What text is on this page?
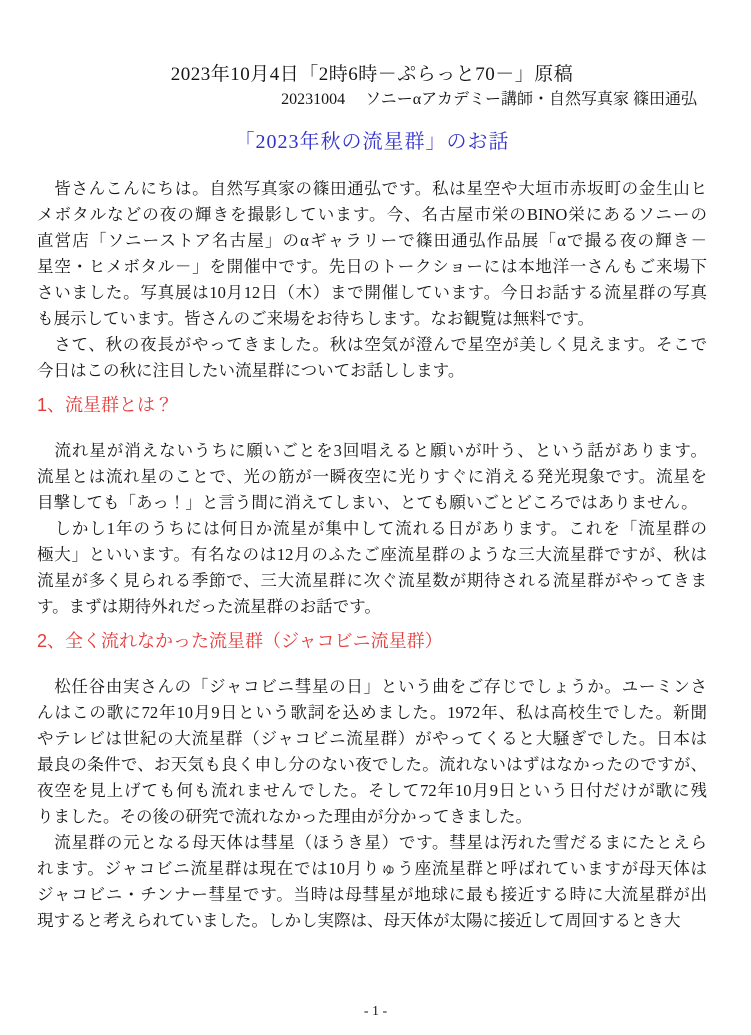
2023年10月4日「2時6時－ぷらっと70－」原稿
20231004　 ソニーαアカデミー講師・自然写真家 篠田通弘
「2023年秋の流星群」のお話
　皆さんこんにちは。自然写真家の篠田通弘です。私は星空や大垣市赤坂町の金生山ヒ
メボタルなどの夜の輝きを撮影しています。今、名古屋市栄のBINO栄にあるソニーの
直営店「ソニーストア名古屋」のαギャラリーで篠田通弘作品展「αで撮る夜の輝き－
星空・ヒメボタル－」を開催中です。先日のトークショーには本地洋一さんもご来場下
さいました。写真展は10月12日（木）まで開催しています。今日お話する流星群の写真
も展示しています。皆さんのご来場をお待ちします。なお観覧は無料です。
　さて、秋の夜長がやってきました。秋は空気が澄んで星空が美しく見えます。そこで
今日はこの秋に注目したい流星群についてお話しします。
1、流星群とは？
　流れ星が消えないうちに願いごとを3回唱えると願いが叶う、という話があります。
流星とは流れ星のことで、光の筋が一瞬夜空に光りすぐに消える発光現象です。流星を
目撃しても「あっ！」と言う間に消えてしまい、とても願いごとどころではありません。
　しかし1年のうちには何日か流星が集中して流れる日があります。これを「流星群の
極大」といいます。有名なのは12月のふたご座流星群のような三大流星群ですが、秋は
流星が多く見られる季節で、三大流星群に次ぐ流星数が期待される流星群がやってきま
す。まずは期待外れだった流星群のお話です。
2、全く流れなかった流星群（ジャコビニ流星群）
　松任谷由実さんの「ジャコビニ彗星の日」という曲をご存じでしょうか。ユーミンさ
んはこの歌に72年10月9日という歌詞を込めました。1972年、私は高校生でした。新聞
やテレビは世紀の大流星群（ジャコビニ流星群）がやってくると大騒ぎでした。日本は
最良の条件で、お天気も良く申し分のない夜でした。流れないはずはなかったのですが、
夜空を見上げても何も流れませんでした。そして72年10月9日という日付だけが歌に残
りました。その後の研究で流れなかった理由が分かってきました。
　流星群の元となる母天体は彗星（ほうき星）です。彗星は汚れた雪だるまにたとえら
れます。ジャコビニ流星群は現在では10月りゅう座流星群と呼ばれていますが母天体は
ジャコビニ・チンナー彗星です。当時は母彗星が地球に最も接近する時に大流星群が出
現すると考えられていました。しかし実際は、母天体が太陽に接近して周回するとき大
- 1 -
